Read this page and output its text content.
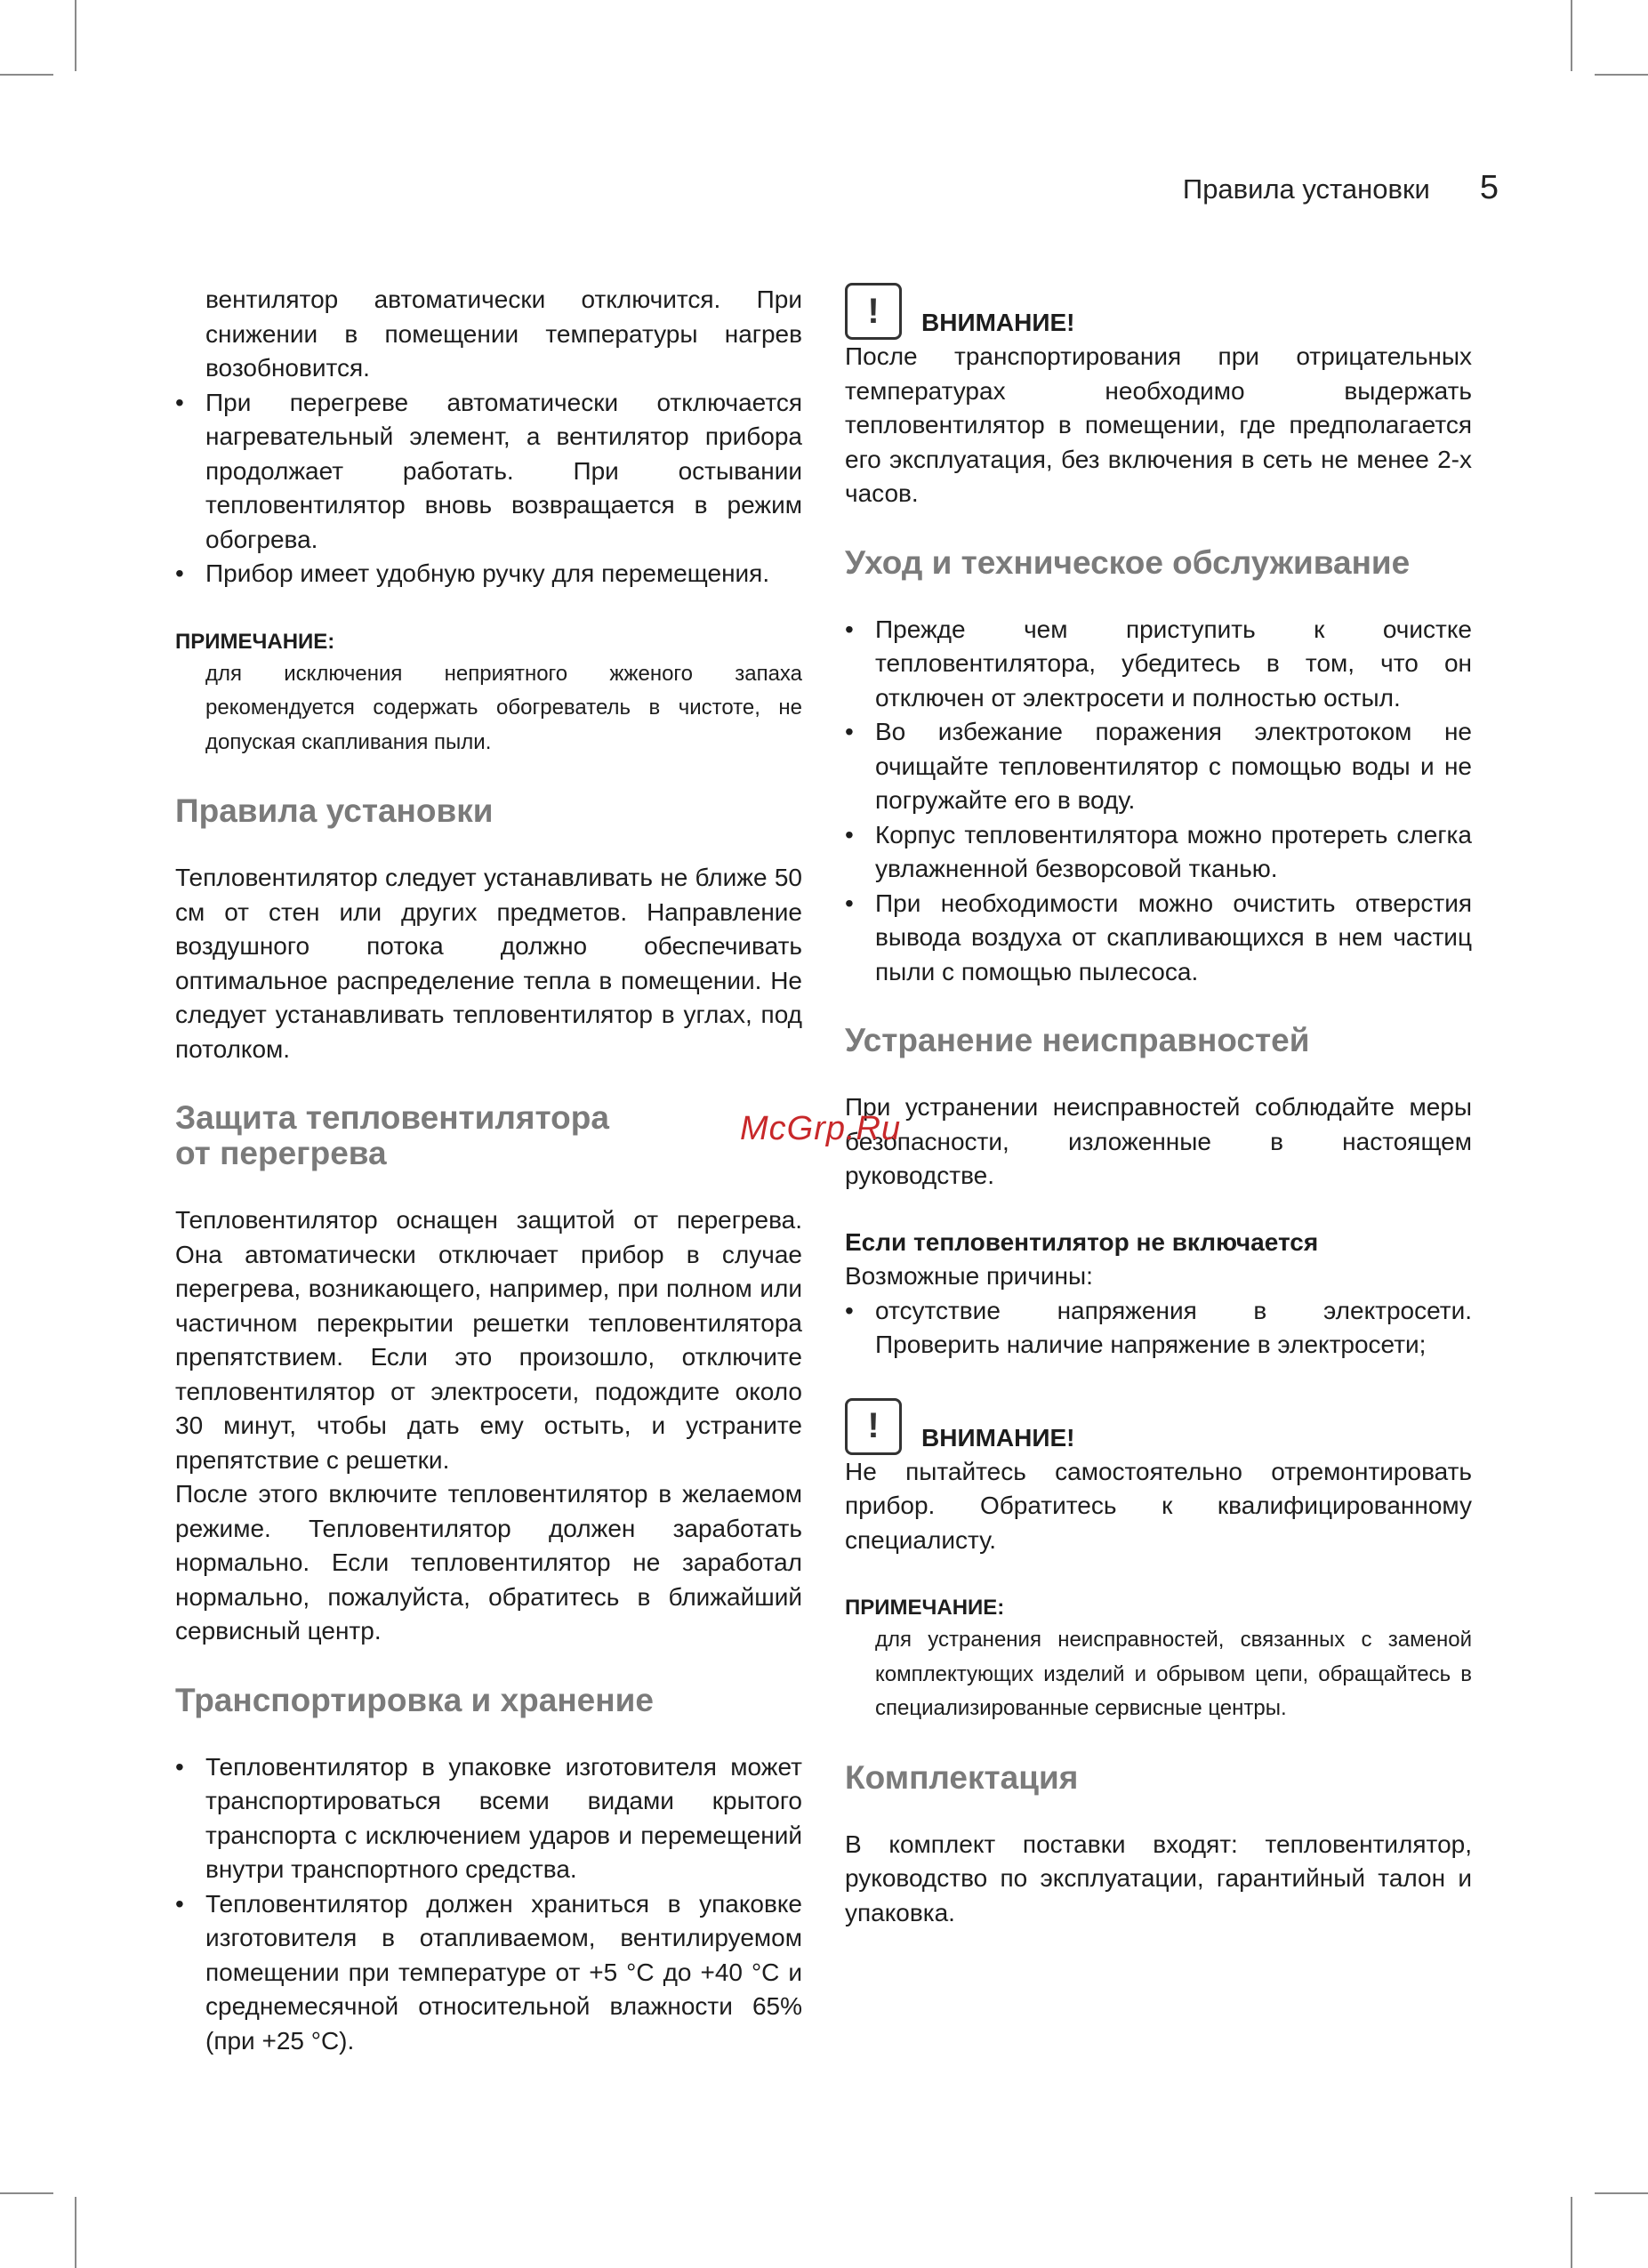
Правила установки 5

вентилятор автоматически отключится. При снижении в помещении температуры нагрев возобновится.

• При перегреве автоматически отключается нагревательный элемент, а вентилятор прибора продолжает работать. При остывании тепловентилятор вновь возвращается в режим обогрева.
• Прибор имеет удобную ручку для перемещения.
ПРИМЕЧАНИЕ:
для исключения неприятного жженого запаха рекомендуется содержать обогреватель в чистоте, не допуская скапливания пыли.
Правила установки

Тепловентилятор следует устанавливать не ближе 50 см от стен или других предметов. Направление воздушного потока должно обеспечивать оптимальное распределение тепла в помещении. Не следует устанавливать тепловентилятор в углах, под потолком.

Защита тепловентилятора
от перегрева

Тепловентилятор оснащен защитой от перегрева. Она автоматически отключает прибор в случае перегрева, возникающего, например, при полном или частичном перекрытии решетки тепловентилятора препятствием. Если это произошло, отключите тепловентилятор от электросети, подождите около 30 минут, чтобы дать ему остыть, и устраните препятствие с решетки.

После этого включите тепловентилятор в желаемом режиме. Тепловентилятор должен заработать нормально. Если тепловентилятор не заработал нормально, пожалуйста, обратитесь в ближайший сервисный центр.

Транспортировка и хранение
• Тепловентилятор в упаковке изготовителя может транспортироваться всеми видами крытого транспорта с исключением ударов и перемещений внутри транспортного средства.
• Тепловентилятор должен храниться в упаковке изготовителя в отапливаемом, вентилируемом помещении при температуре от +5 °C до +40 °C и среднемесячной относительной влажности 65% (при +25 °C).
!	ВНИМАНИЕ!

После транспортирования при отрицательных температурах необходимо выдержать тепловентилятор в помещении, где предполагается его эксплуатация, без включения в сеть не менее 2-х часов.

Уход и техническое обслуживание
• Прежде чем приступить к очистке тепловентилятора, убедитесь в том, что он отключен от электросети и полностью остыл.
• Во избежание поражения электротоком не очищайте тепловентилятор с помощью воды и не погружайте его в воду.
• Корпус тепловентилятора можно протереть слегка увлажненной безворсовой тканью.
• При необходимости можно очистить отверстия вывода воздуха от скапливающихся в нем частиц пыли с помощью пылесоса.
Устранение неисправностей

При устранении неисправностей соблюдайте меры безопасности, изложенные в настоящем руководстве.

Если тепловентилятор не включается

Возможные причины:

• отсутствие напряжения в электросети.
Проверить наличие напряжение в электросети;
!	ВНИМАНИЕ!

Не пытайтесь самостоятельно отремонтировать прибор. Обратитесь к квалифицированному специалисту.

ПРИМЕЧАНИЕ:
для устранения неисправностей, связанных с заменой комплектующих изделий и обрывом цепи, обращайтесь в специализированные сервисные центры.
Комплектация

В комплект поставки входят: тепловентилятор, руководство по эксплуатации, гарантийный талон и упаковка.

McGrp.Ru
